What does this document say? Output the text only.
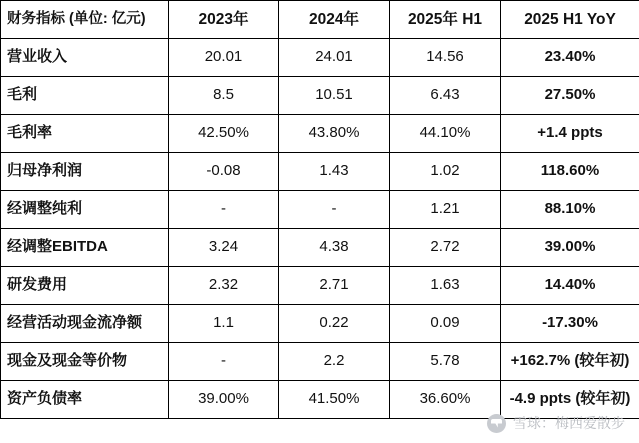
财务指标 (单位: 亿元)	2023年	2024年	2025年 H1	2025 H1 YoY
营业收入	20.01	24.01	14.56	23.40%
毛利	8.5	10.51	6.43	27.50%
毛利率	42.50%	43.80%	44.10%	+1.4 ppts
归母净利润	-0.08	1.43	1.02	118.60%
经调整纯利	-	-	1.21	88.10%
经调整EBITDA	3.24	4.38	2.72	39.00%
研发费用	2.32	2.71	1.63	14.40%
经营活动现金流净额	1.1	0.22	0.09	-17.30%
现金及现金等价物	-	2.2	5.78	+162.7% (较年初)
资产负债率	39.00%	41.50%	36.60%	-4.9 ppts (较年初)
雪球：梅西爱散步
